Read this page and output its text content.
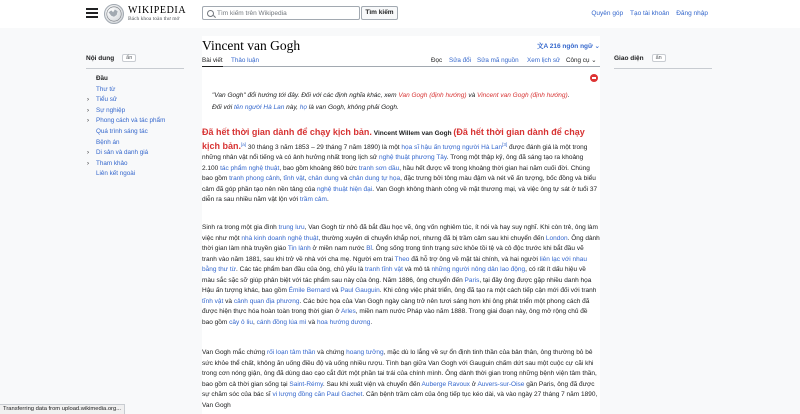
WIKIPEDIA
Bách khoa toàn thư mở
Tìm kiếm trên Wikipedia
Tìm kiếm	Quyên góp Tạo tài khoản Đăng nhập
Nội dung	ẩn
Đầu
Thư từ
› Tiểu sử
› Sự nghiệp
› Phong cách và tác phẩm
Quá trình sáng tác
Bệnh án
› Di sản và danh giá
› Tham khảo
Liên kết ngoài
Giao diện	ẩn
Vincent van Gogh	文A 216 ngôn ngữ ⌄
Bài viết Thảo luận	Đọc Sửa đổi Sửa mã nguồn Xem lịch sử Công cụ ⌄

"Van Gogh" đổi hướng tới đây. Đối với các định nghĩa khác, xem Van Gogh (định hướng) và Vincent van Gogh (định hướng).

Đối với tên người Hà Lan này, họ là van Gogh, không phải Gogh.

Đã hết thời gian dành để chạy kịch bản. Vincent Willem van Gogh (Đã hết thời gian dành để chạy kịch bản.[a] 30 tháng 3 năm 1853 – 29 tháng 7 năm 1890) là một họa sĩ hậu ấn tượng người Hà Lan[3] được đánh giá là một trong những nhân vật nổi tiếng và có ảnh hưởng nhất trong lịch sử nghệ thuật phương Tây. Trong một thập kỷ, ông đã sáng tạo ra khoảng 2.100 tác phẩm nghệ thuật, bao gồm khoảng 860 bức tranh sơn dầu, hầu hết được vẽ trong khoảng thời gian hai năm cuối đời. Chúng bao gồm tranh phong cảnh, tĩnh vật, chân dung và chân dung tự họa, đặc trưng bởi tông màu đậm và nét vẽ ấn tượng, bốc đồng và biểu cảm đã góp phần tạo nên nền tảng của nghệ thuật hiện đại. Van Gogh không thành công về mặt thương mại, và việc ông tự sát ở tuổi 37 diễn ra sau nhiều năm vật lộn với trầm cảm.
Sinh ra trong một gia đình trung lưu, Van Gogh từ nhỏ đã bắt đầu học vẽ, ông vốn nghiêm túc, ít nói và hay suy nghĩ. Khi còn trẻ, ông làm việc như một nhà kinh doanh nghệ thuật, thường xuyên di chuyển khắp nơi, nhưng đã bị trầm cảm sau khi chuyển đến London. Ông dành thời gian làm nhà truyền giáo Tin lành ở miền nam nước Bỉ. Ông sống trong tình trạng sức khỏe tồi tệ và cô độc trước khi bắt đầu vẽ tranh vào năm 1881, sau khi trở về nhà với cha mẹ. Người em trai Theo đã hỗ trợ ông về mặt tài chính, và hai người liên lạc với nhau bằng thư từ. Các tác phẩm ban đầu của ông, chủ yếu là tranh tĩnh vật và mô tả những người nông dân lao động, có rất ít dấu hiệu về màu sắc sặc sỡ giúp phân biệt với tác phẩm sau này của ông. Năm 1886, ông chuyển đến Paris, tại đây ông được gặp nhiều danh họa Hậu ấn tượng khác, bao gồm Émile Bernard và Paul Gauguin. Khi công việc phát triển, ông đã tạo ra một cách tiếp cận mới đối với tranh tĩnh vật và cảnh quan địa phương. Các bức họa của Van Gogh ngày càng trở nên tươi sáng hơn khi ông phát triển một phong cách đã được hiện thực hóa hoàn toàn trong thời gian ở Arles, miền nam nước Pháp vào năm 1888. Trong giai đoạn này, ông mở rộng chủ đề bao gồm cây ô liu, cánh đồng lúa mì và hoa hướng dương.
Van Gogh mắc chứng rối loạn tâm thần và chứng hoang tưởng, mặc dù lo lắng về sự ổn định tinh thần của bản thân, ông thường bỏ bê sức khỏe thể chất, không ăn uống điều độ và uống nhiều rượu. Tình bạn giữa Van Gogh với Gauguin chấm dứt sau một cuộc cự cãi khi trong cơn nóng giận, ông đã dùng dao cạo cắt đứt một phần tai trái của chính mình. Ông dành thời gian trong những bệnh viện tâm thần, bao gồm cả thời gian sống tại Saint-Rémy. Sau khi xuất viện và chuyển đến Auberge Ravoux ở Auvers-sur-Oise gần Paris, ông đã được sự chăm sóc của bác sĩ vi lượng đồng căn Paul Gachet. Căn bệnh trầm cảm của ông tiếp tục kéo dài, và vào ngày 27 tháng 7 năm 1890, Van Gogh
Transferring data from upload.wikimedia.org...
